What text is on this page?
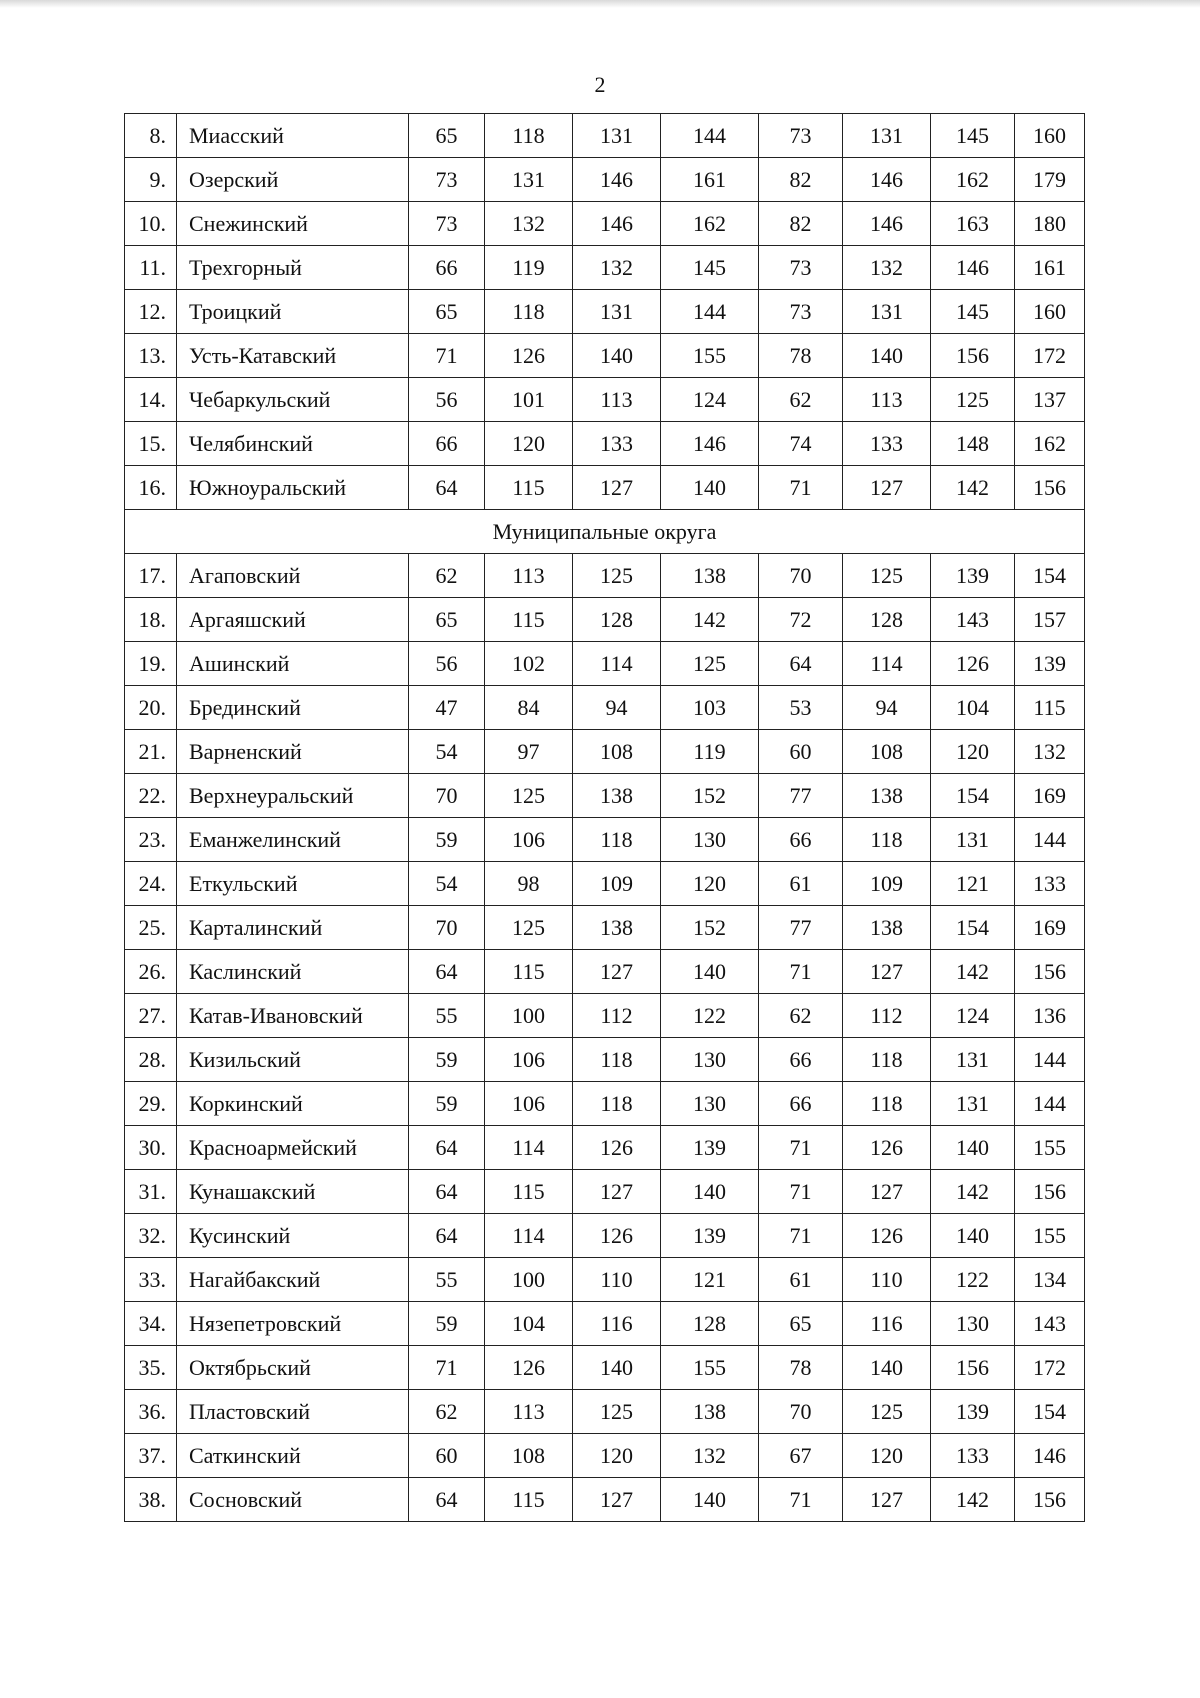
2
8.	Миасский	65	118	131	144	73	131	145	160
9.	Озерский	73	131	146	161	82	146	162	179
10.	Снежинский	73	132	146	162	82	146	163	180
11.	Трехгорный	66	119	132	145	73	132	146	161
12.	Троицкий	65	118	131	144	73	131	145	160
13.	Усть-Катавский	71	126	140	155	78	140	156	172
14.	Чебаркульский	56	101	113	124	62	113	125	137
15.	Челябинский	66	120	133	146	74	133	148	162
16.	Южноуральский	64	115	127	140	71	127	142	156
Муниципальные округа									
17.	Агаповский	62	113	125	138	70	125	139	154
18.	Аргаяшский	65	115	128	142	72	128	143	157
19.	Ашинский	56	102	114	125	64	114	126	139
20.	Брединский	47	84	94	103	53	94	104	115
21.	Варненский	54	97	108	119	60	108	120	132
22.	Верхнеуральский	70	125	138	152	77	138	154	169
23.	Еманжелинский	59	106	118	130	66	118	131	144
24.	Еткульский	54	98	109	120	61	109	121	133
25.	Карталинский	70	125	138	152	77	138	154	169
26.	Каслинский	64	115	127	140	71	127	142	156
27.	Катав-Ивановский	55	100	112	122	62	112	124	136
28.	Кизильский	59	106	118	130	66	118	131	144
29.	Коркинский	59	106	118	130	66	118	131	144
30.	Красноармейский	64	114	126	139	71	126	140	155
31.	Кунашакский	64	115	127	140	71	127	142	156
32.	Кусинский	64	114	126	139	71	126	140	155
33.	Нагайбакский	55	100	110	121	61	110	122	134
34.	Нязепетровский	59	104	116	128	65	116	130	143
35.	Октябрьский	71	126	140	155	78	140	156	172
36.	Пластовский	62	113	125	138	70	125	139	154
37.	Саткинский	60	108	120	132	67	120	133	146
38.	Сосновский	64	115	127	140	71	127	142	156
